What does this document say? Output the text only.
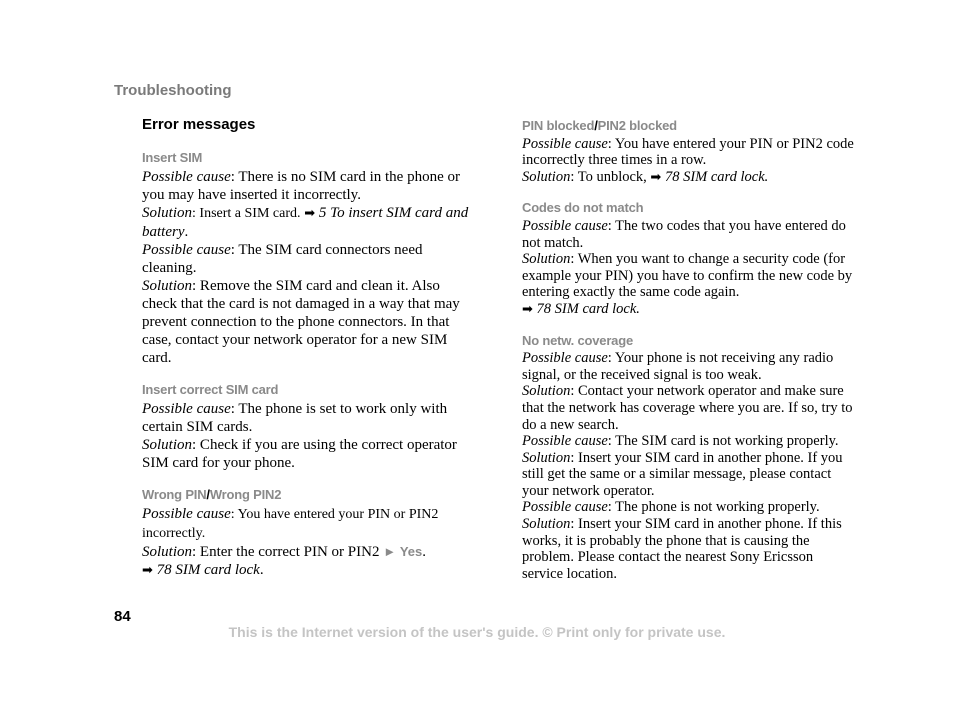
Troubleshooting
Error messages
Insert SIM

Possible cause: There is no SIM card in the phone or you may have inserted it incorrectly.

Solution: Insert a SIM card. ➡ 5 To insert SIM card and battery.

Possible cause: The SIM card connectors need cleaning.

Solution: Remove the SIM card and clean it. Also check that the card is not damaged in a way that may prevent connection to the phone connectors. In that case, contact your network operator for a new SIM card.

Insert correct SIM card

Possible cause: The phone is set to work only with certain SIM cards.

Solution: Check if you are using the correct operator SIM card for your phone.

Wrong PIN/Wrong PIN2

Possible cause: You have entered your PIN or PIN2 incorrectly.

Solution: Enter the correct PIN or PIN2 ► Yes.

➡ 78 SIM card lock.

PIN blocked/PIN2 blocked

Possible cause: You have entered your PIN or PIN2 code incorrectly three times in a row.

Solution: To unblock, ➡ 78 SIM card lock.

Codes do not match

Possible cause: The two codes that you have entered do not match.

Solution: When you want to change a security code (for example your PIN) you have to confirm the new code by entering exactly the same code again.

➡ 78 SIM card lock.

No netw. coverage

Possible cause: Your phone is not receiving any radio signal, or the received signal is too weak.

Solution: Contact your network operator and make sure that the network has coverage where you are. If so, try to do a new search.

Possible cause: The SIM card is not working properly.

Solution: Insert your SIM card in another phone. If you still get the same or a similar message, please contact your network operator.

Possible cause: The phone is not working properly.

Solution: Insert your SIM card in another phone. If this works, it is probably the phone that is causing the problem. Please contact the nearest Sony Ericsson service location.

84
This is the Internet version of the user's guide. © Print only for private use.
